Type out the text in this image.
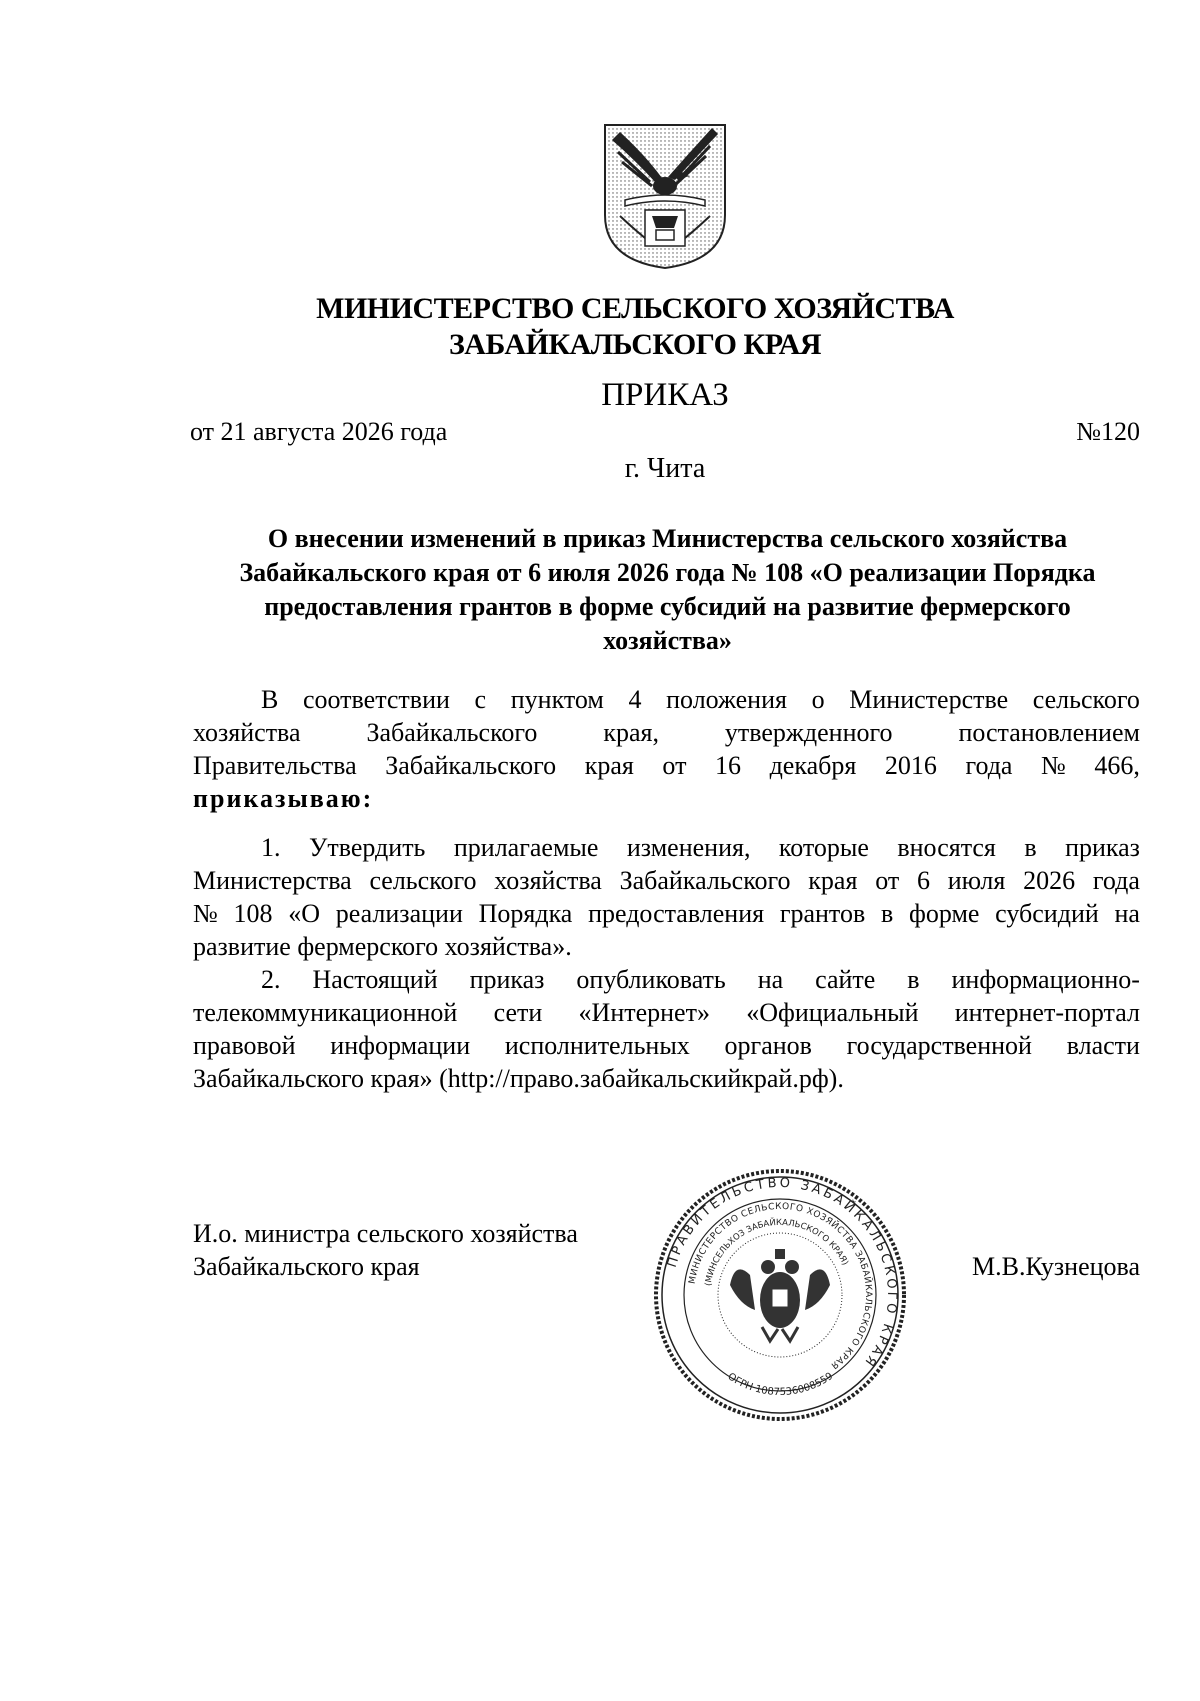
МИНИСТЕРСТВО СЕЛЬСКОГО ХОЗЯЙСТВА
ЗАБАЙКАЛЬСКОГО КРАЯ
ПРИКАЗ
от 21 августа 2026 года	№120
г. Чита
О внесении изменений в приказ Министерства сельского хозяйства
Забайкальского края от 6 июля 2026 года № 108 «О реализации Порядка
предоставления грантов в форме субсидий на развитие фермерского
хозяйства»
В соответствии с пунктом 4 положения о Министерстве сельского
хозяйства	Забайкальского	края,	утвержденного	постановлением
Правительства Забайкальского края от 16 декабря 2016 года № 466,
приказываю:
1. Утвердить прилагаемые изменения, которые вносятся в приказ
Министерства сельского хозяйства Забайкальского края от 6 июля 2026 года
№ 108 «О реализации Порядка предоставления грантов в форме субсидий на
развитие фермерского хозяйства».
2. Настоящий приказ опубликовать на сайте в информационно-
телекоммуникационной сети «Интернет» «Официальный интернет-портал
правовой информации исполнительных органов государственной власти
Забайкальского края» (http://право.забайкальскийкрай.рф).
И.о. министра сельского хозяйства
Забайкальского края	М.В.Кузнецова
ПРАВИТЕЛЬСТВО ЗАБАЙКАЛЬСКОГО КРАЯ
МИНИСТЕРСТВО СЕЛЬСКОГО ХОЗЯЙСТВА ЗАБАЙКАЛЬСКОГО КРАЯ
(МИНСЕЛЬХОЗ ЗАБАЙКАЛЬСКОГО КРАЯ)
ОГРН 1087536008559
